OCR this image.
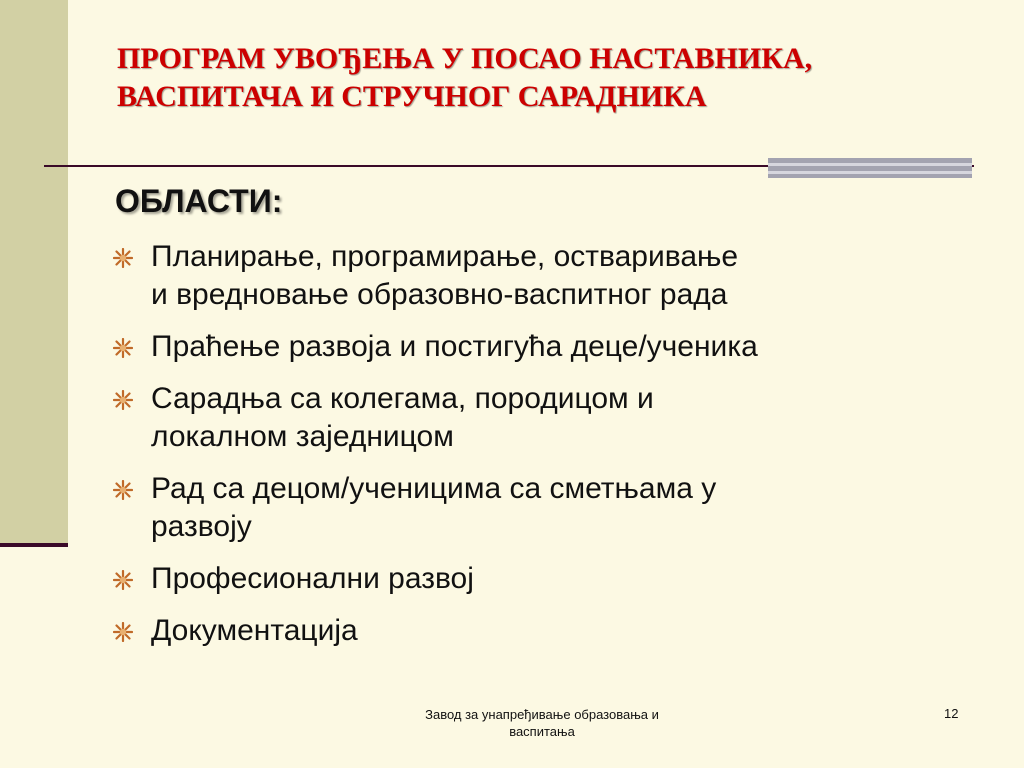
ПРОГРАМ УВОЂЕЊА У ПОСАО НАСТАВНИКА,
ВАСПИТАЧА И СТРУЧНОГ САРАДНИКА
ОБЛАСТИ:
Планирање, програмирање, остваривање
и вредновање образовно-васпитног рада
Праћење развоја и постигућа деце/ученика
Сарадња са колегама, породицом и
локалном заједницом
Рад са децом/ученицима са сметњама у
развоју
Професионални развој
Документација
Завод за унапређивање образовања и
васпитања
12
